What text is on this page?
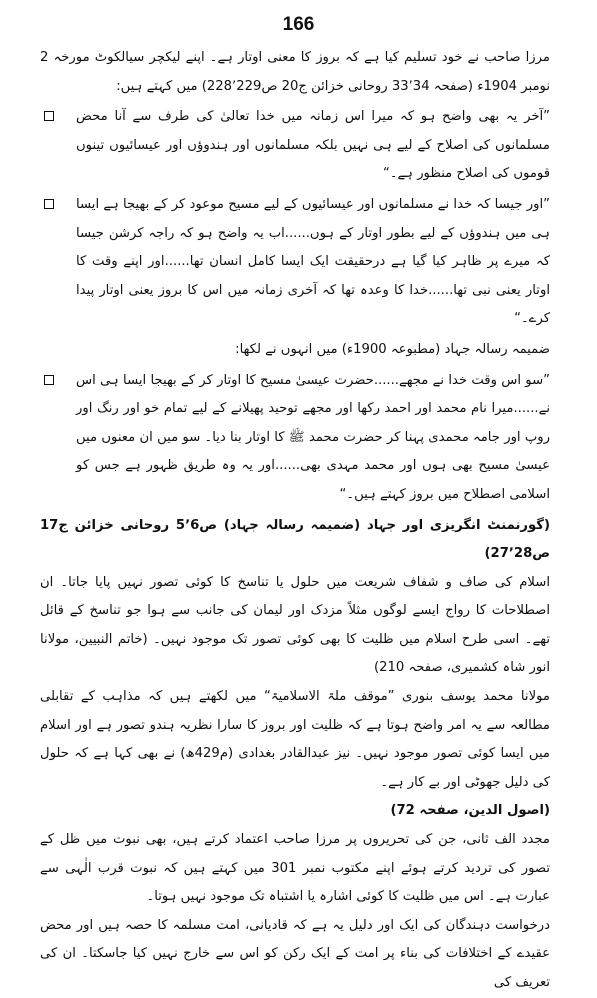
166

مرزا صاحب نے خود تسلیم کیا ہے کہ بروز کا معنی اوتار ہے۔ اپنے لیکچر سیالکوٹ مورخہ 2 نومبر 1904ء (صفحہ 33٬34 روحانی خزائن ج20 ص228٬229) میں کہتے ہیں:

”آخر یہ بھی واضح ہو کہ میرا اس زمانہ میں خدا تعالیٰ کی طرف سے آنا محض مسلمانوں کی اصلاح کے لیے ہی نہیں بلکہ مسلمانوں اور ہندوؤں اور عیسائیوں تینوں قوموں کی اصلاح منظور ہے۔“
”اور جیسا کہ خدا نے مسلمانوں اور عیسائیوں کے لیے مسیح موعود کر کے بھیجا ہے ایسا ہی میں ہندوؤں کے لیے بطور اوتار کے ہوں......اب یہ واضح ہو کہ راجہ کرشن جیسا کہ میرے پر ظاہر کیا گیا ہے درحقیقت ایک ایسا کامل انسان تھا......اور اپنے وقت کا اوتار یعنی نبی تھا......خدا کا وعدہ تھا کہ آخری زمانہ میں اس کا بروز یعنی اوتار پیدا کرے۔“

ضمیمہ رسالہ جہاد (مطبوعہ 1900ء) میں انہوں نے لکھا:

”سو اس وقت خدا نے مجھے......حضرت عیسیٰ مسیح کا اوتار کر کے بھیجا ایسا ہی اس نے......میرا نام محمد اور احمد رکھا اور مجھے توحید پھیلانے کے لیے تمام خو اور رنگ اور روپ اور جامہ محمدی پہنا کر حضرت محمد ﷺ کا اوتار بنا دیا۔ سو میں ان معنوں میں عیسیٰ مسیح بھی ہوں اور محمد مہدی بھی......اور یہ وہ طریق ظہور ہے جس کو اسلامی اصطلاح میں بروز کہتے ہیں۔“

(گورنمنٹ انگریزی اور جہاد (ضمیمہ رسالہ جہاد) ص5٬6 روحانی خزائن ج17 ص27٬28)

اسلام کی صاف و شفاف شریعت میں حلول یا تناسخ کا کوئی تصور نہیں پایا جاتا۔ ان اصطلاحات کا رواج ایسے لوگوں مثلاً مزدک اور لیمان کی جانب سے ہوا جو تناسخ کے قائل تھے۔ اسی طرح اسلام میں ظلیت کا بھی کوئی تصور تک موجود نہیں۔ (خاتم النبیین، مولانا انور شاہ کشمیری، صفحہ 210)

مولانا محمد یوسف بنوری ”موقف ملۃ الاسلامیۃ“ میں لکھتے ہیں کہ مذاہب کے تقابلی مطالعہ سے یہ امر واضح ہوتا ہے کہ ظلیت اور بروز کا سارا نظریہ ہندو تصور ہے اور اسلام میں ایسا کوئی تصور موجود نہیں۔ نیز عبدالقادر بغدادی (م429ھ) نے بھی کہا ہے کہ حلول کی دلیل جھوٹی اور بے کار ہے۔

(اصول الدین، صفحہ 72)

مجدد الف ثانی، جن کی تحریروں پر مرزا صاحب اعتماد کرتے ہیں، بھی نبوت میں ظل کے تصور کی تردید کرتے ہوئے اپنے مکتوب نمبر 301 میں کہتے ہیں کہ نبوت قرب الٰہی سے عبارت ہے۔ اس میں ظلیت کا کوئی اشارہ یا اشتباہ تک موجود نہیں ہوتا۔

درخواست دہندگان کی ایک اور دلیل یہ ہے کہ قادیانی، امت مسلمہ کا حصہ ہیں اور محض عقیدے کے اختلافات کی بناء پر امت کے ایک رکن کو اس سے خارج نہیں کیا جاسکتا۔ ان کی تعریف کی
